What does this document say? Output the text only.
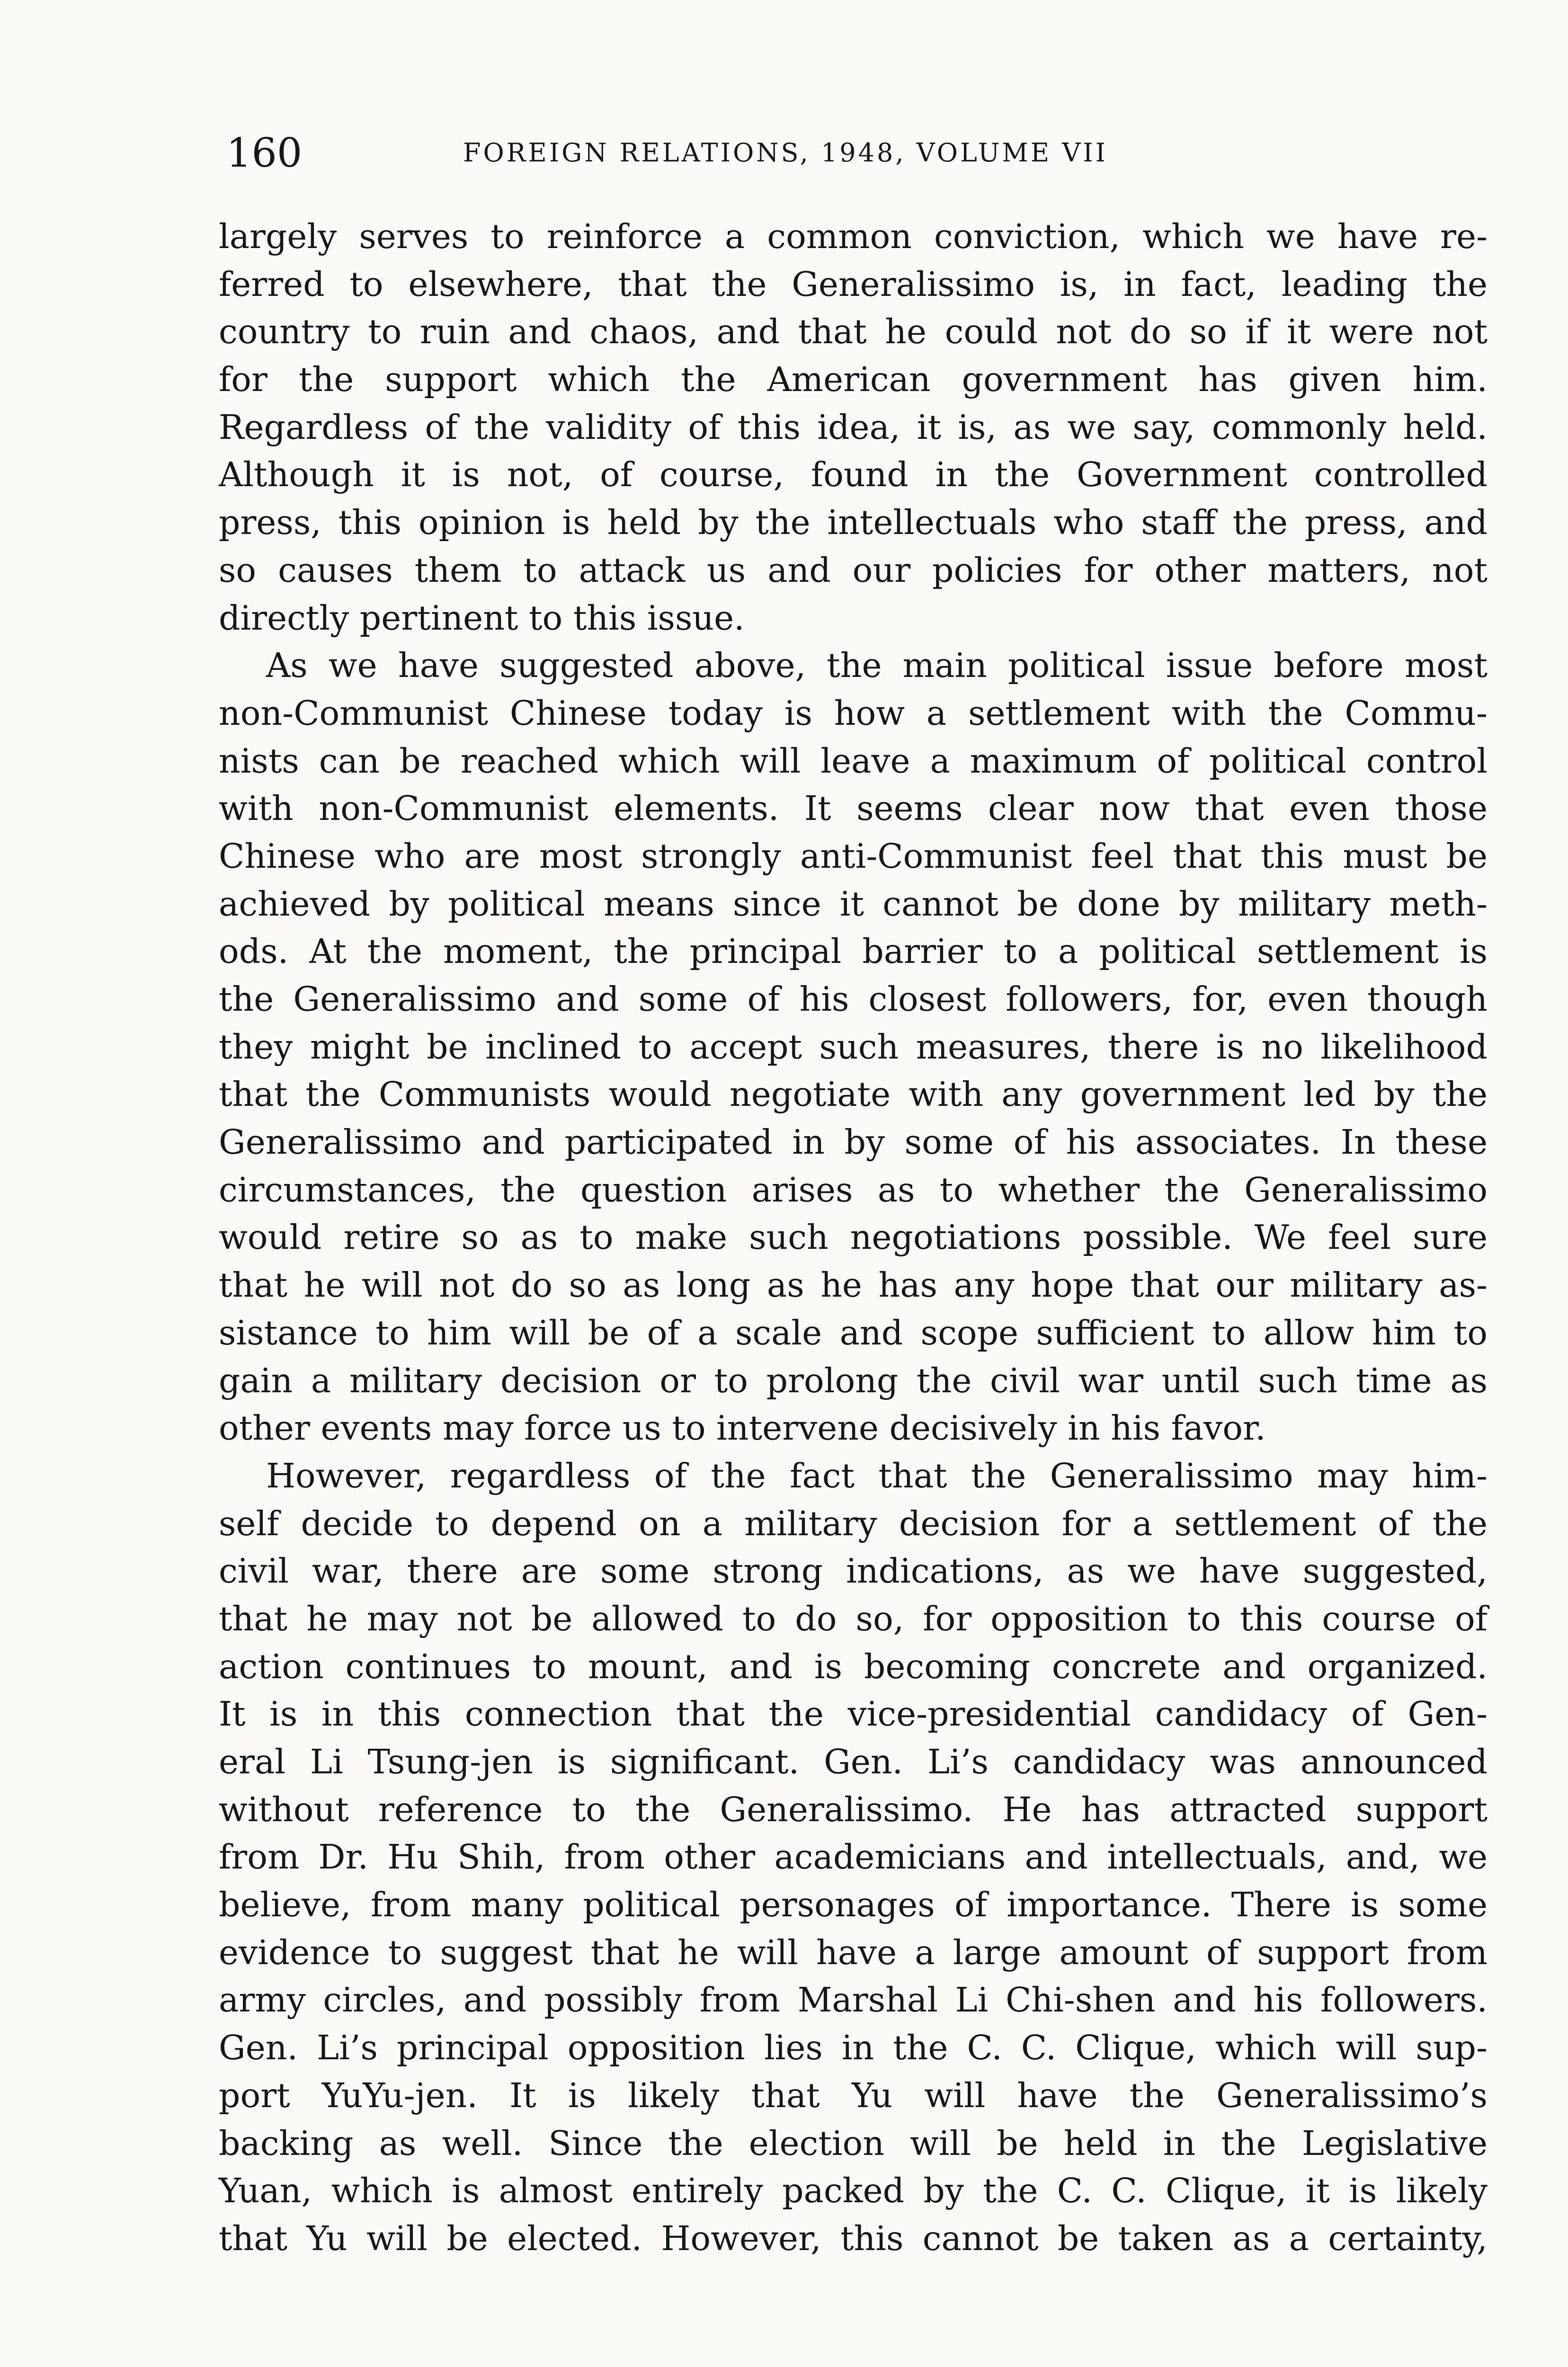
160	FOREIGN RELATIONS, 1948, VOLUME VII
largely serves to reinforce a common conviction, which we have re-
ferred to elsewhere, that the Generalissimo is, in fact, leading the
country to ruin and chaos, and that he could not do so if it were not
for the support which the American government has given him.
Regardless of the validity of this idea, it is, as we say, commonly held.
Although it is not, of course, found in the Government controlled
press, this opinion is held by the intellectuals who staff the press, and
so causes them to attack us and our policies for other matters, not
directly pertinent to this issue.
As we have suggested above, the main political issue before most
non-Communist Chinese today is how a settlement with the Commu-
nists can be reached which will leave a maximum of political control
with non-Communist elements. It seems clear now that even those
Chinese who are most strongly anti-Communist feel that this must be
achieved by political means since it cannot be done by military meth-
ods. At the moment, the principal barrier to a political settlement is
the Generalissimo and some of his closest followers, for, even though
they might be inclined to accept such measures, there is no likelihood
that the Communists would negotiate with any government led by the
Generalissimo and participated in by some of his associates. In these
circumstances, the question arises as to whether the Generalissimo
would retire so as to make such negotiations possible. We feel sure
that he will not do so as long as he has any hope that our military as-
sistance to him will be of a scale and scope sufficient to allow him to
gain a military decision or to prolong the civil war until such time as
other events may force us to intervene decisively in his favor.
However, regardless of the fact that the Generalissimo may him-
self decide to depend on a military decision for a settlement of the
civil war, there are some strong indications, as we have suggested,
that he may not be allowed to do so, for opposition to this course of
action continues to mount, and is becoming concrete and organized.
It is in this connection that the vice-presidential candidacy of Gen-
eral Li Tsung-jen is significant. Gen. Li’s candidacy was announced
without reference to the Generalissimo. He has attracted support
from Dr. Hu Shih, from other academicians and intellectuals, and, we
believe, from many political personages of importance. There is some
evidence to suggest that he will have a large amount of support from
army circles, and possibly from Marshal Li Chi-shen and his followers.
Gen. Li’s principal opposition lies in the C. C. Clique, which will sup-
port YuYu-jen. It is likely that Yu will have the Generalissimo’s
backing as well. Since the election will be held in the Legislative
Yuan, which is almost entirely packed by the C. C. Clique, it is likely
that Yu will be elected. However, this cannot be taken as a certainty,
